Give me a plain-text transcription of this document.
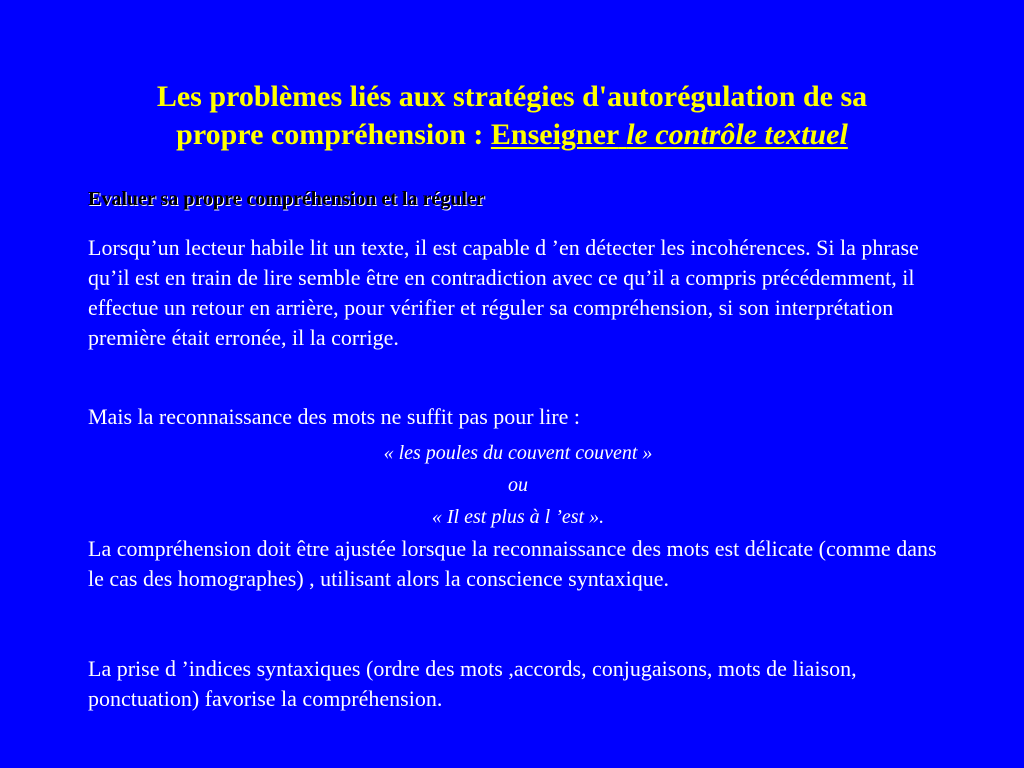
Les problèmes liés aux stratégies d'autorégulation de sa
propre compréhension : Enseigner le contrôle textuel

Evaluer sa propre compréhension et la réguler

Lorsqu’un lecteur habile lit un texte, il est capable d ’en détecter les incohérences. Si la phrase qu’il est en train de lire semble être en contradiction avec ce qu’il a compris précédemment, il effectue un retour en arrière, pour vérifier et réguler sa compréhension, si son interprétation première était erronée, il la corrige.

Mais la reconnaissance des mots ne suffit pas pour lire :

« les poules du couvent couvent »
ou
« Il est plus à l ’est ».

La compréhension doit être ajustée lorsque la reconnaissance des mots est délicate (comme dans le cas des homographes) , utilisant alors la conscience syntaxique.

La prise d ’indices syntaxiques (ordre des mots ,accords, conjugaisons, mots de liaison, ponctuation) favorise la compréhension.
